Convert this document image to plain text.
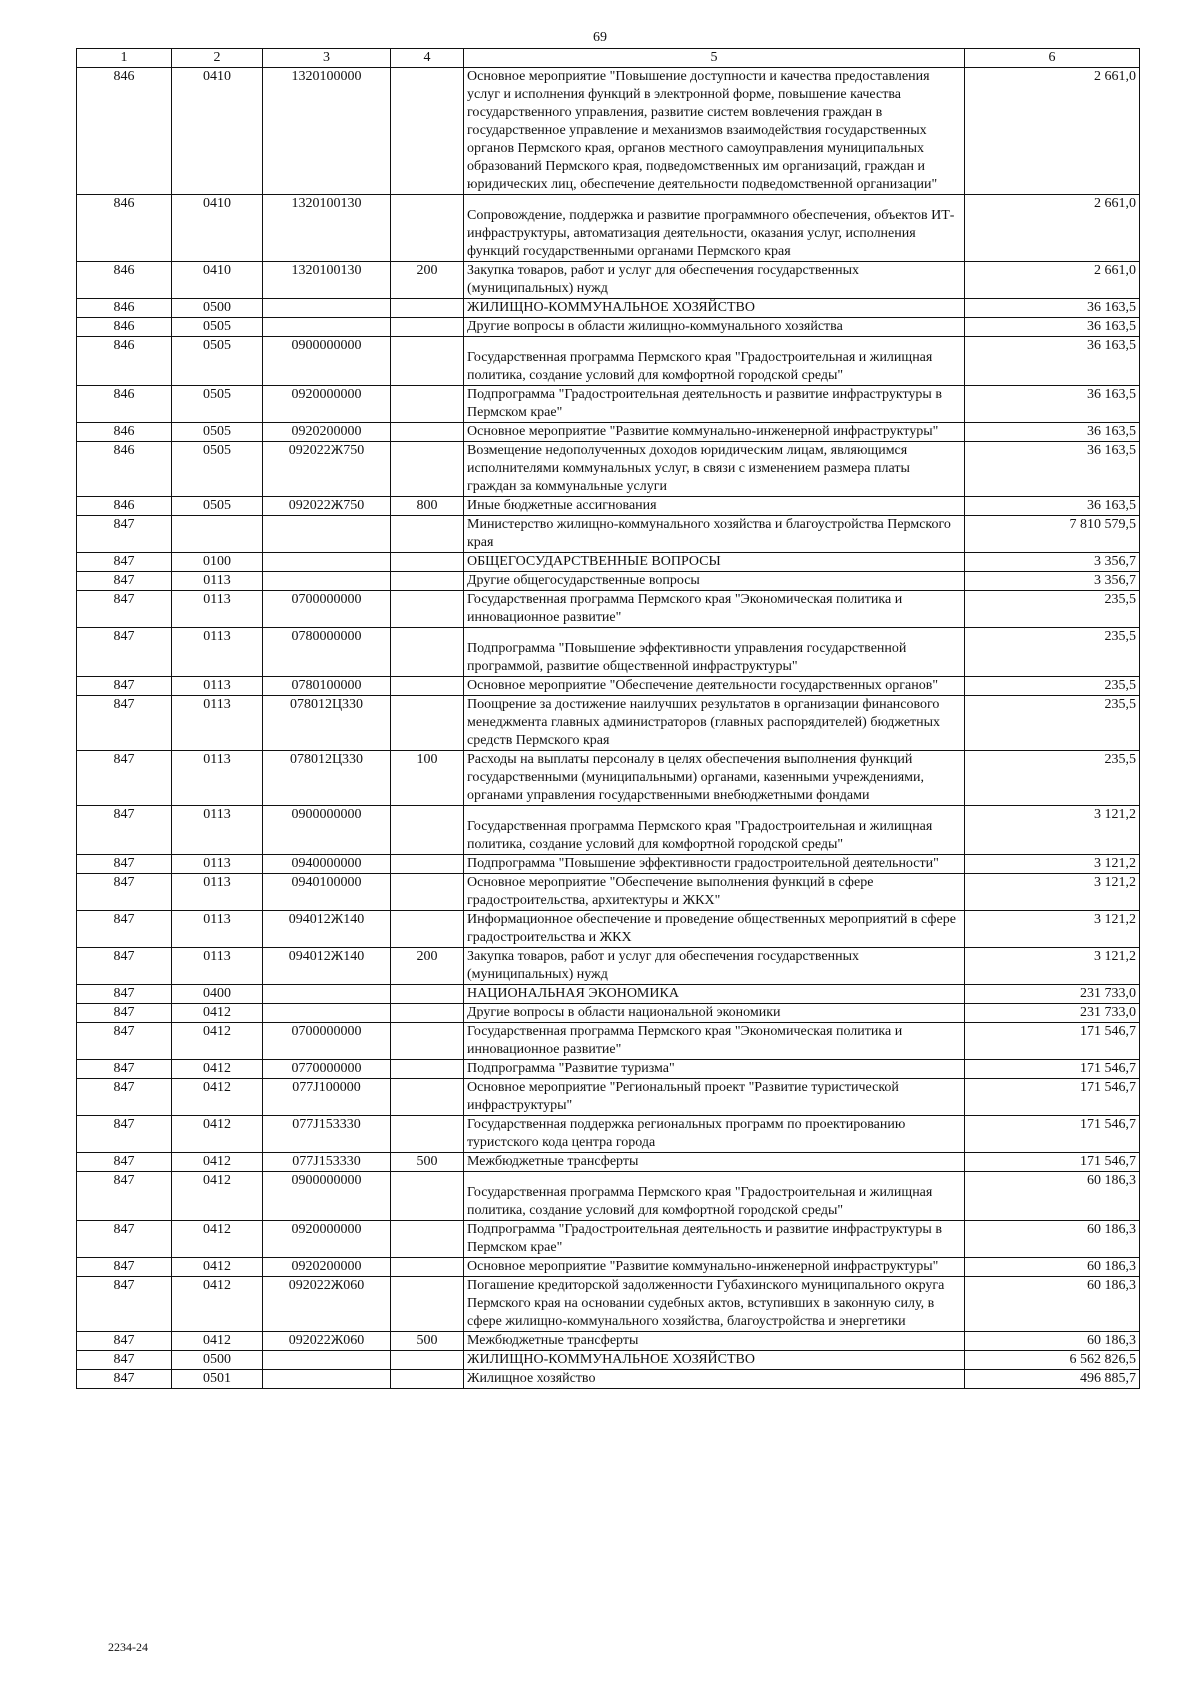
69
1	2	3	4	5	6
846	0410	1320100000		Основное мероприятие "Повышение доступности и качества предоставления услуг и исполнения функций в электронной форме, повышение качества государственного управления, развитие систем вовлечения граждан в государственное управление и механизмов взаимодействия государственных органов Пермского края, органов местного самоуправления муниципальных образований Пермского края, подведомственных им организаций, граждан и юридических лиц, обеспечение деятельности подведомственной организации"	2 661,0
846	0410	1320100130		Сопровождение, поддержка и развитие программного обеспечения, объектов ИТ-инфраструктуры, автоматизация деятельности, оказания услуг, исполнения функций государственными органами Пермского края	2 661,0
846	0410	1320100130	200	Закупка товаров, работ и услуг для обеспечения государственных (муниципальных) нужд	2 661,0
846	0500			ЖИЛИЩНО-КОММУНАЛЬНОЕ ХОЗЯЙСТВО	36 163,5
846	0505			Другие вопросы в области жилищно-коммунального хозяйства	36 163,5
846	0505	0900000000		Государственная программа Пермского края "Градостроительная и жилищная политика, создание условий для комфортной городской среды"	36 163,5
846	0505	0920000000		Подпрограмма "Градостроительная деятельность и развитие инфраструктуры в Пермском крае"	36 163,5
846	0505	0920200000		Основное мероприятие "Развитие коммунально-инженерной инфраструктуры"	36 163,5
846	0505	092022Ж750		Возмещение недополученных доходов юридическим лицам, являющимся исполнителями коммунальных услуг, в связи с изменением размера платы граждан за коммунальные услуги	36 163,5
846	0505	092022Ж750	800	Иные бюджетные ассигнования	36 163,5
847				Министерство жилищно-коммунального хозяйства и благоустройства Пермского края	7 810 579,5
847	0100			ОБЩЕГОСУДАРСТВЕННЫЕ ВОПРОСЫ	3 356,7
847	0113			Другие общегосударственные вопросы	3 356,7
847	0113	0700000000		Государственная программа Пермского края "Экономическая политика и инновационное развитие"	235,5
847	0113	0780000000		Подпрограмма "Повышение эффективности управления государственной программой, развитие общественной инфраструктуры"	235,5
847	0113	0780100000		Основное мероприятие "Обеспечение деятельности государственных органов"	235,5
847	0113	078012Ц330		Поощрение за достижение наилучших результатов в организации финансового менеджмента главных администраторов (главных распорядителей) бюджетных средств Пермского края	235,5
847	0113	078012Ц330	100	Расходы на выплаты персоналу в целях обеспечения выполнения функций государственными (муниципальными) органами, казенными учреждениями, органами управления государственными внебюджетными фондами	235,5
847	0113	0900000000		Государственная программа Пермского края "Градостроительная и жилищная политика, создание условий для комфортной городской среды"	3 121,2
847	0113	0940000000		Подпрограмма "Повышение эффективности градостроительной деятельности"	3 121,2
847	0113	0940100000		Основное мероприятие "Обеспечение выполнения функций в сфере градостроительства, архитектуры и ЖКХ"	3 121,2
847	0113	094012Ж140		Информационное обеспечение и проведение общественных мероприятий в сфере градостроительства и ЖКХ	3 121,2
847	0113	094012Ж140	200	Закупка товаров, работ и услуг для обеспечения государственных (муниципальных) нужд	3 121,2
847	0400			НАЦИОНАЛЬНАЯ ЭКОНОМИКА	231 733,0
847	0412			Другие вопросы в области национальной экономики	231 733,0
847	0412	0700000000		Государственная программа Пермского края "Экономическая политика и инновационное развитие"	171 546,7
847	0412	0770000000		Подпрограмма "Развитие туризма"	171 546,7
847	0412	077J100000		Основное мероприятие "Региональный проект "Развитие туристической инфраструктуры"	171 546,7
847	0412	077J153330		Государственная поддержка региональных программ по проектированию туристского кода центра города	171 546,7
847	0412	077J153330	500	Межбюджетные трансферты	171 546,7
847	0412	0900000000		Государственная программа Пермского края "Градостроительная и жилищная политика, создание условий для комфортной городской среды"	60 186,3
847	0412	0920000000		Подпрограмма "Градостроительная деятельность и развитие инфраструктуры в Пермском крае"	60 186,3
847	0412	0920200000		Основное мероприятие "Развитие коммунально-инженерной инфраструктуры"	60 186,3
847	0412	092022Ж060		Погашение кредиторской задолженности Губахинского муниципального округа Пермского края на основании судебных актов, вступивших в законную силу, в сфере жилищно-коммунального хозяйства, благоустройства и энергетики	60 186,3
847	0412	092022Ж060	500	Межбюджетные трансферты	60 186,3
847	0500			ЖИЛИЩНО-КОММУНАЛЬНОЕ ХОЗЯЙСТВО	6 562 826,5
847	0501			Жилищное хозяйство	496 885,7
2234-24
